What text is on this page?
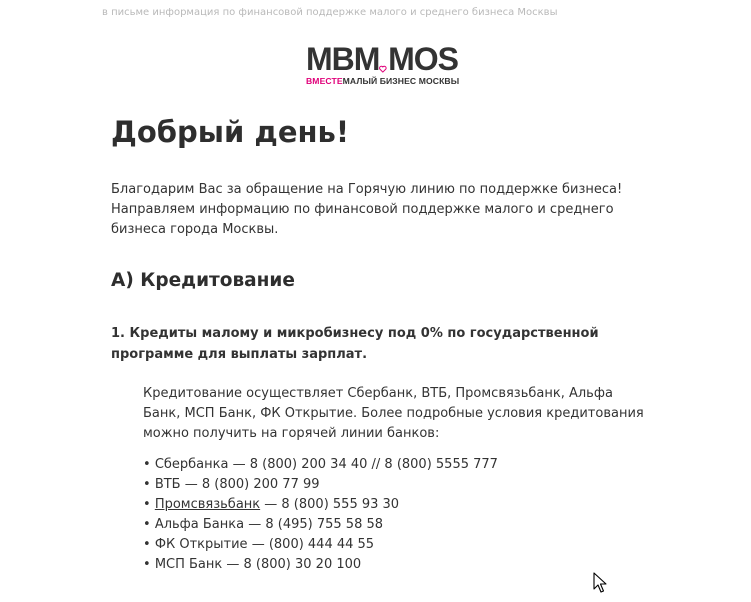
в письме информация по финансовой поддержке малого и среднего бизнеса Москвы
MBM MOS
ВМЕСТЕМАЛЫЙ БИЗНЕС МОСКВЫ
Добрый день!

Благодарим Вас за обращение на Горячую линию по поддержке бизнеса! Направляем информацию по финансовой поддержке малого и среднего бизнеса города Москвы.

А) Кредитование
1. Кредиты малому и микробизнесу под 0% по государственной программе для выплаты зарплат.

Кредитование осуществляет Сбербанк, ВТБ, Промсвязьбанк, Альфа Банк, МСП Банк, ФК Открытие. Более подробные условия кредитования можно получить на горячей линии банков:

• Сбербанка — 8 (800) 200 34 40 // 8 (800) 5555 777
• ВТБ — 8 (800) 200 77 99
• Промсвязьбанк — 8 (800) 555 93 30
• Альфа Банка — 8 (495) 755 58 58
• ФК Открытие — (800) 444 44 55
• МСП Банк — 8 (800) 30 20 100
